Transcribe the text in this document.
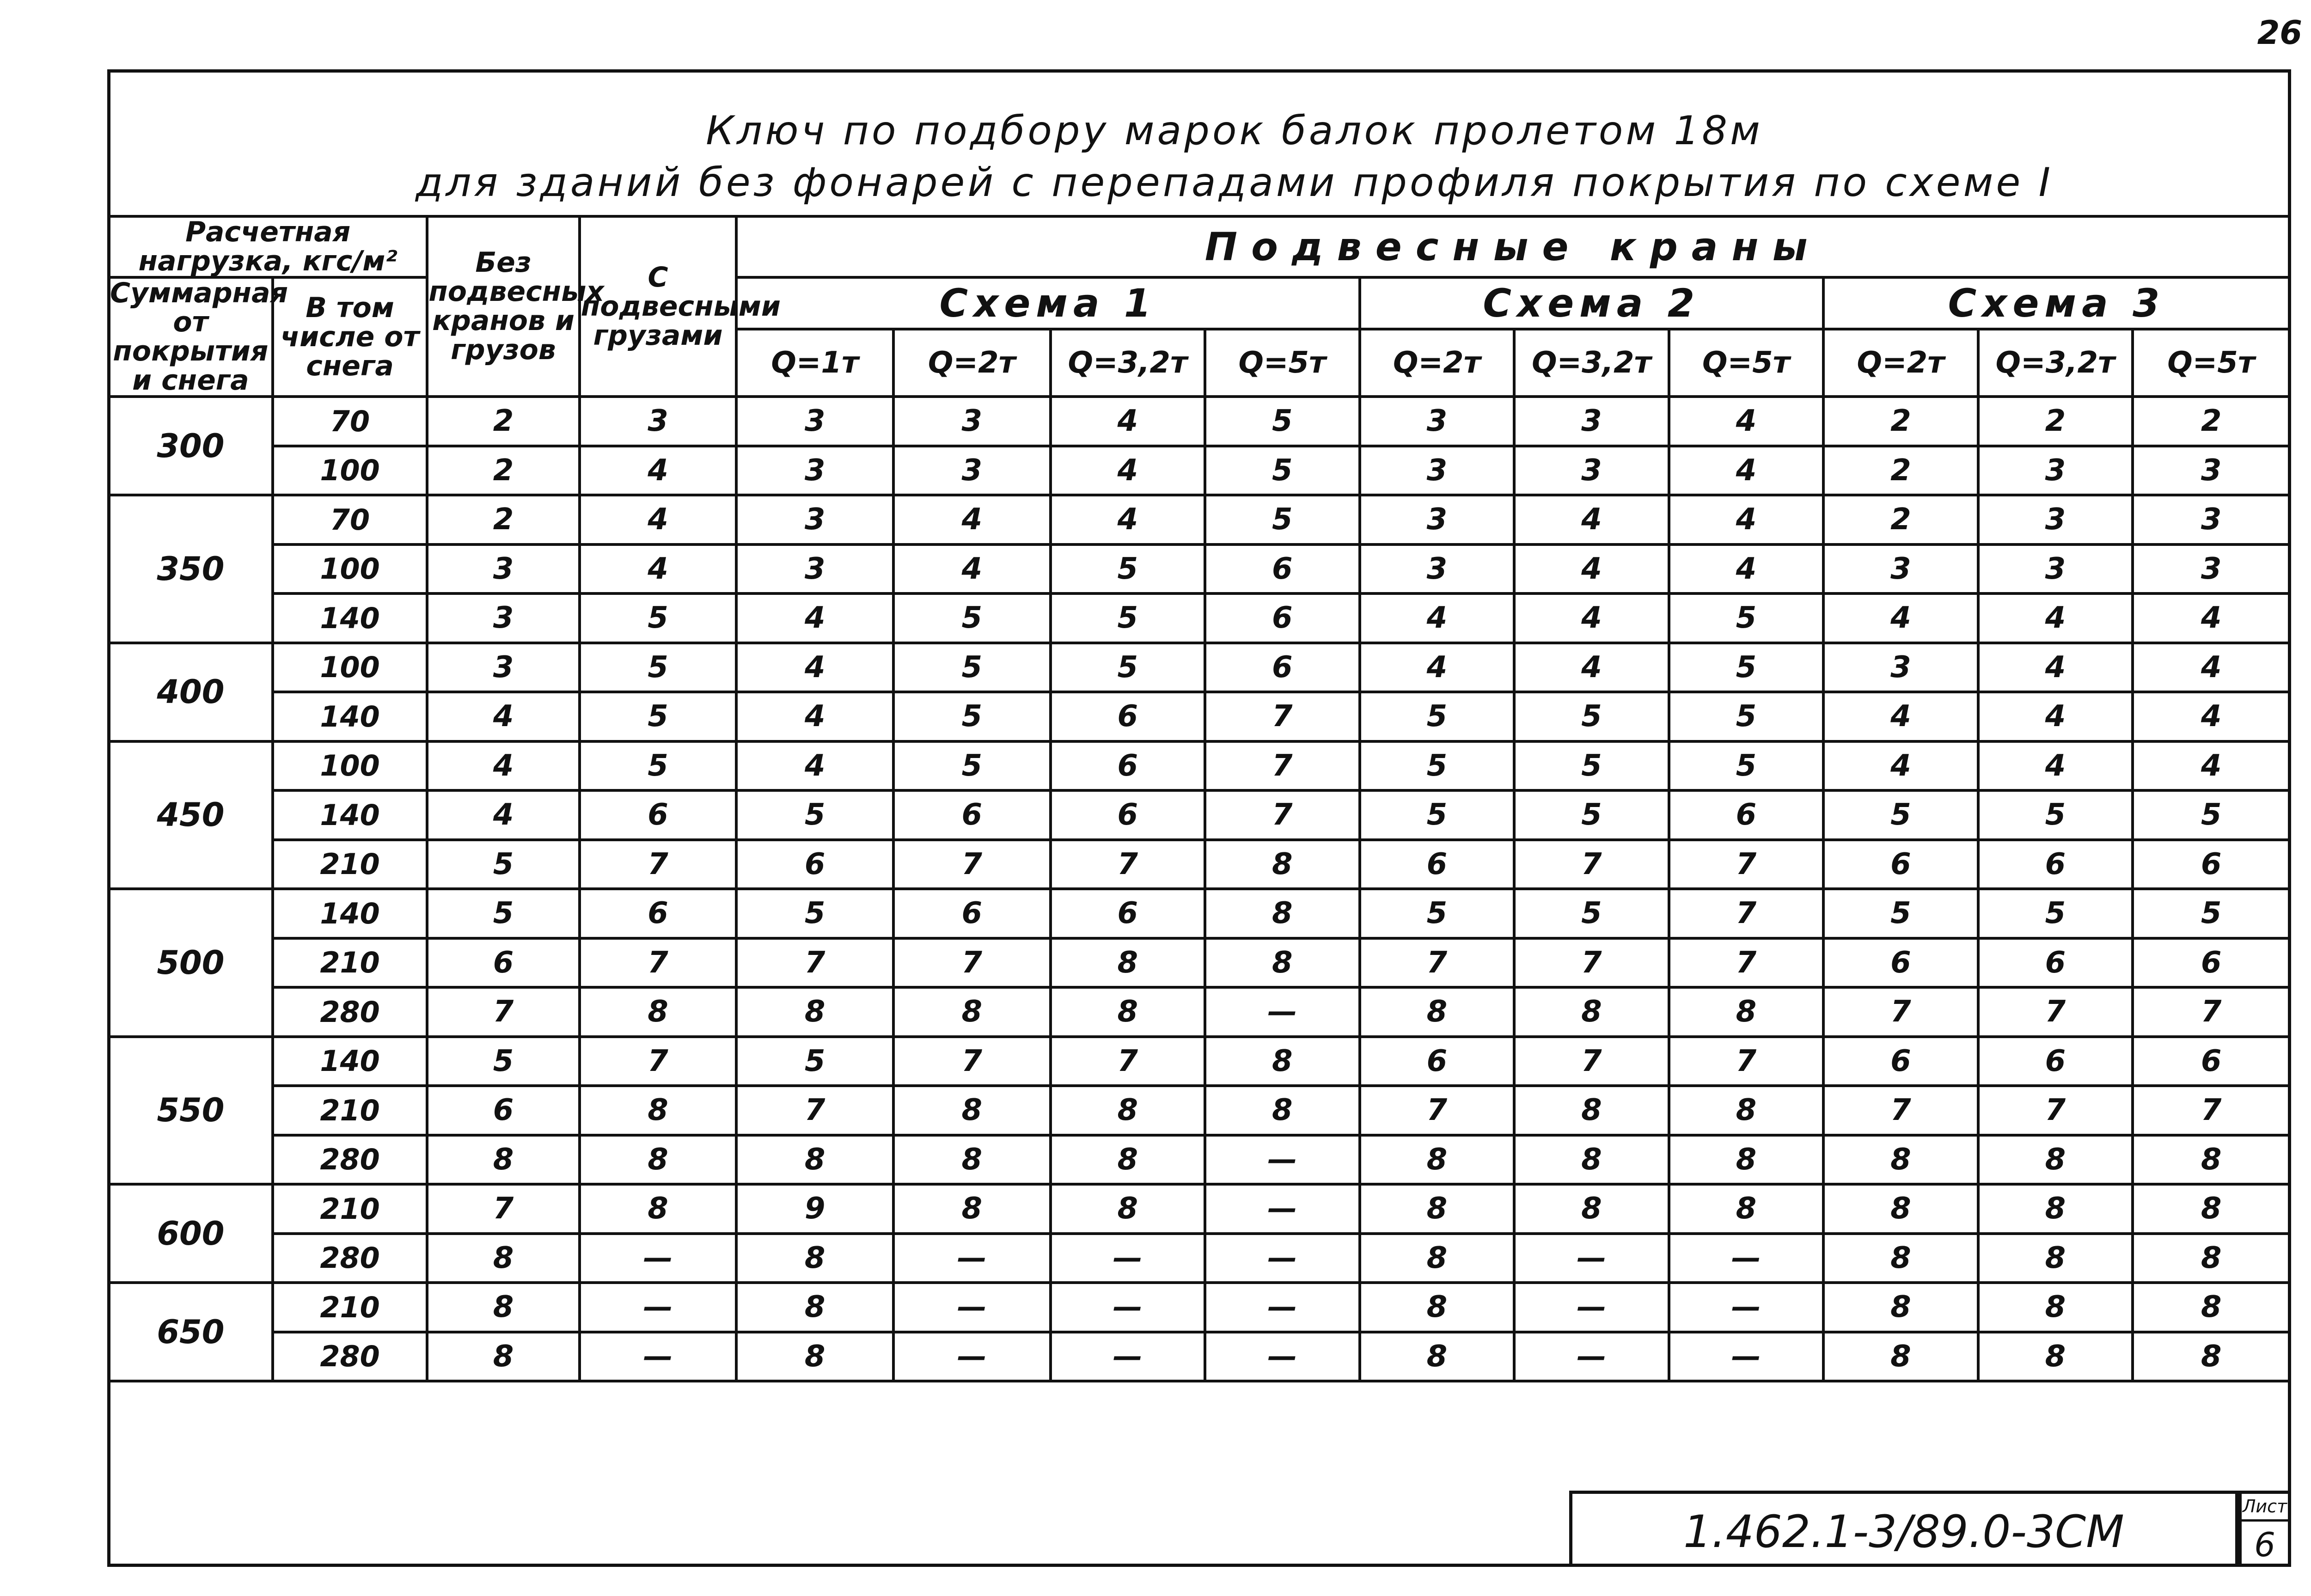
26
Ключ по подбору марок балок пролетом 18м
для зданий без фонарей с перепадами профиля покрытия по схеме I
Расчетная нагрузка, кгс/м²		Без подвесных кранов и грузов	С подвесными грузами	Подвесные краны									
Суммарная от покрытия и снега	В том числе от снега			Схема 1				Схема 2			Схема 3		
				Q=1т	Q=2т	Q=3,2т	Q=5т	Q=2т	Q=3,2т	Q=5т	Q=2т	Q=3,2т	Q=5т
300	70	2	3	3	3	4	5	3	3	4	2	2	2
	100	2	4	3	3	4	5	3	3	4	2	3	3
350	70	2	4	3	4	4	5	3	4	4	2	3	3
	100	3	4	3	4	5	6	3	4	4	3	3	3
	140	3	5	4	5	5	6	4	4	5	4	4	4
400	100	3	5	4	5	5	6	4	4	5	3	4	4
	140	4	5	4	5	6	7	5	5	5	4	4	4
450	100	4	5	4	5	6	7	5	5	5	4	4	4
	140	4	6	5	6	6	7	5	5	6	5	5	5
	210	5	7	6	7	7	8	6	7	7	6	6	6
500	140	5	6	5	6	6	8	5	5	7	5	5	5
	210	6	7	7	7	8	8	7	7	7	6	6	6
	280	7	8	8	8	8	—	8	8	8	7	7	7
550	140	5	7	5	7	7	8	6	7	7	6	6	6
	210	6	8	7	8	8	8	7	8	8	7	7	7
	280	8	8	8	8	8	—	8	8	8	8	8	8
600	210	7	8	9	8	8	—	8	8	8	8	8	8
	280	8	—	8	—	—	—	8	—	—	8	8	8
650	210	8	—	8	—	—	—	8	—	—	8	8	8
	280	8	—	8	—	—	—	8	—	—	8	8	8
1.462.1-3/89.0-3СМ	Лист
6
